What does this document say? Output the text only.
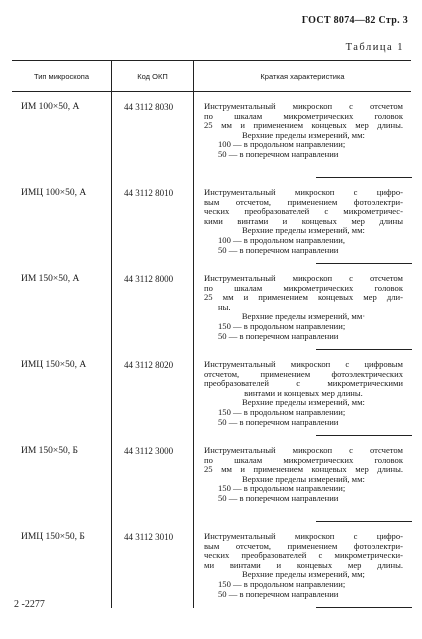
ГОСТ 8074—82 Стр. 3
Таблица 1
Тип микроскопа	Код ОКП	Краткая характеристика
ИМ 100×50, А	44 3112 8030	Инструментальный микроскоп с отсчетом
по шкалам микрометрических головок
25 мм и применением концевых мер длины.
Верхние пределы измерений, мм:
100 — в продольном направлении;
50 — в поперечном направлении
ИМЦ 100×50, А	44 3112 8010	Инструментальный микроскоп с цифро-
вым отсчетом, применением фотоэлектри-
ческих преобразователей с микрометричес-
кими винтами и концевых мер длины
Верхние пределы измерений, мм:
100 — в продольном направлении,
50 — в поперечном направлении
ИМ 150×50, А	44 3112 8000	Инструментальный микроскоп с отсчетом
по шкалам микрометрических головок
25 мм и применением концевых мер дли-
ны.
Верхние пределы измерений, мм·
150 — в продольном направлении;
50 — в поперечном направлении
ИМЦ 150×50, А	44 3112 8020	Инструментальный микроскоп с цифровым
отсчетом, применением фотоэлектрических
преобразователей с микрометрическими
винтами и концевых мер длины.
Верхние пределы измерений, мм:
150 — в продольном направлении;
50 — в поперечном направлении
ИМ 150×50, Б	44 3112 3000	Инструментальный микроскоп с отсчетом
по шкалам микрометрических головок
25 мм и применением концевых мер длины.
Верхние пределы измерений, мм:
150 — в продольном направлении;
50 — в поперечном направлении
ИМЦ 150×50, Б	44 3112 3010	Инструментальный микроскоп с цифро-
вым отсчетом, применением фотоэлектри-
ческих преобразователей с микрометрически-
ми винтами и концевых мер длины.
Верхние пределы измерений, мм;
150 — в продольном направлении;
50 — в поперечном направлении
2 -2277
